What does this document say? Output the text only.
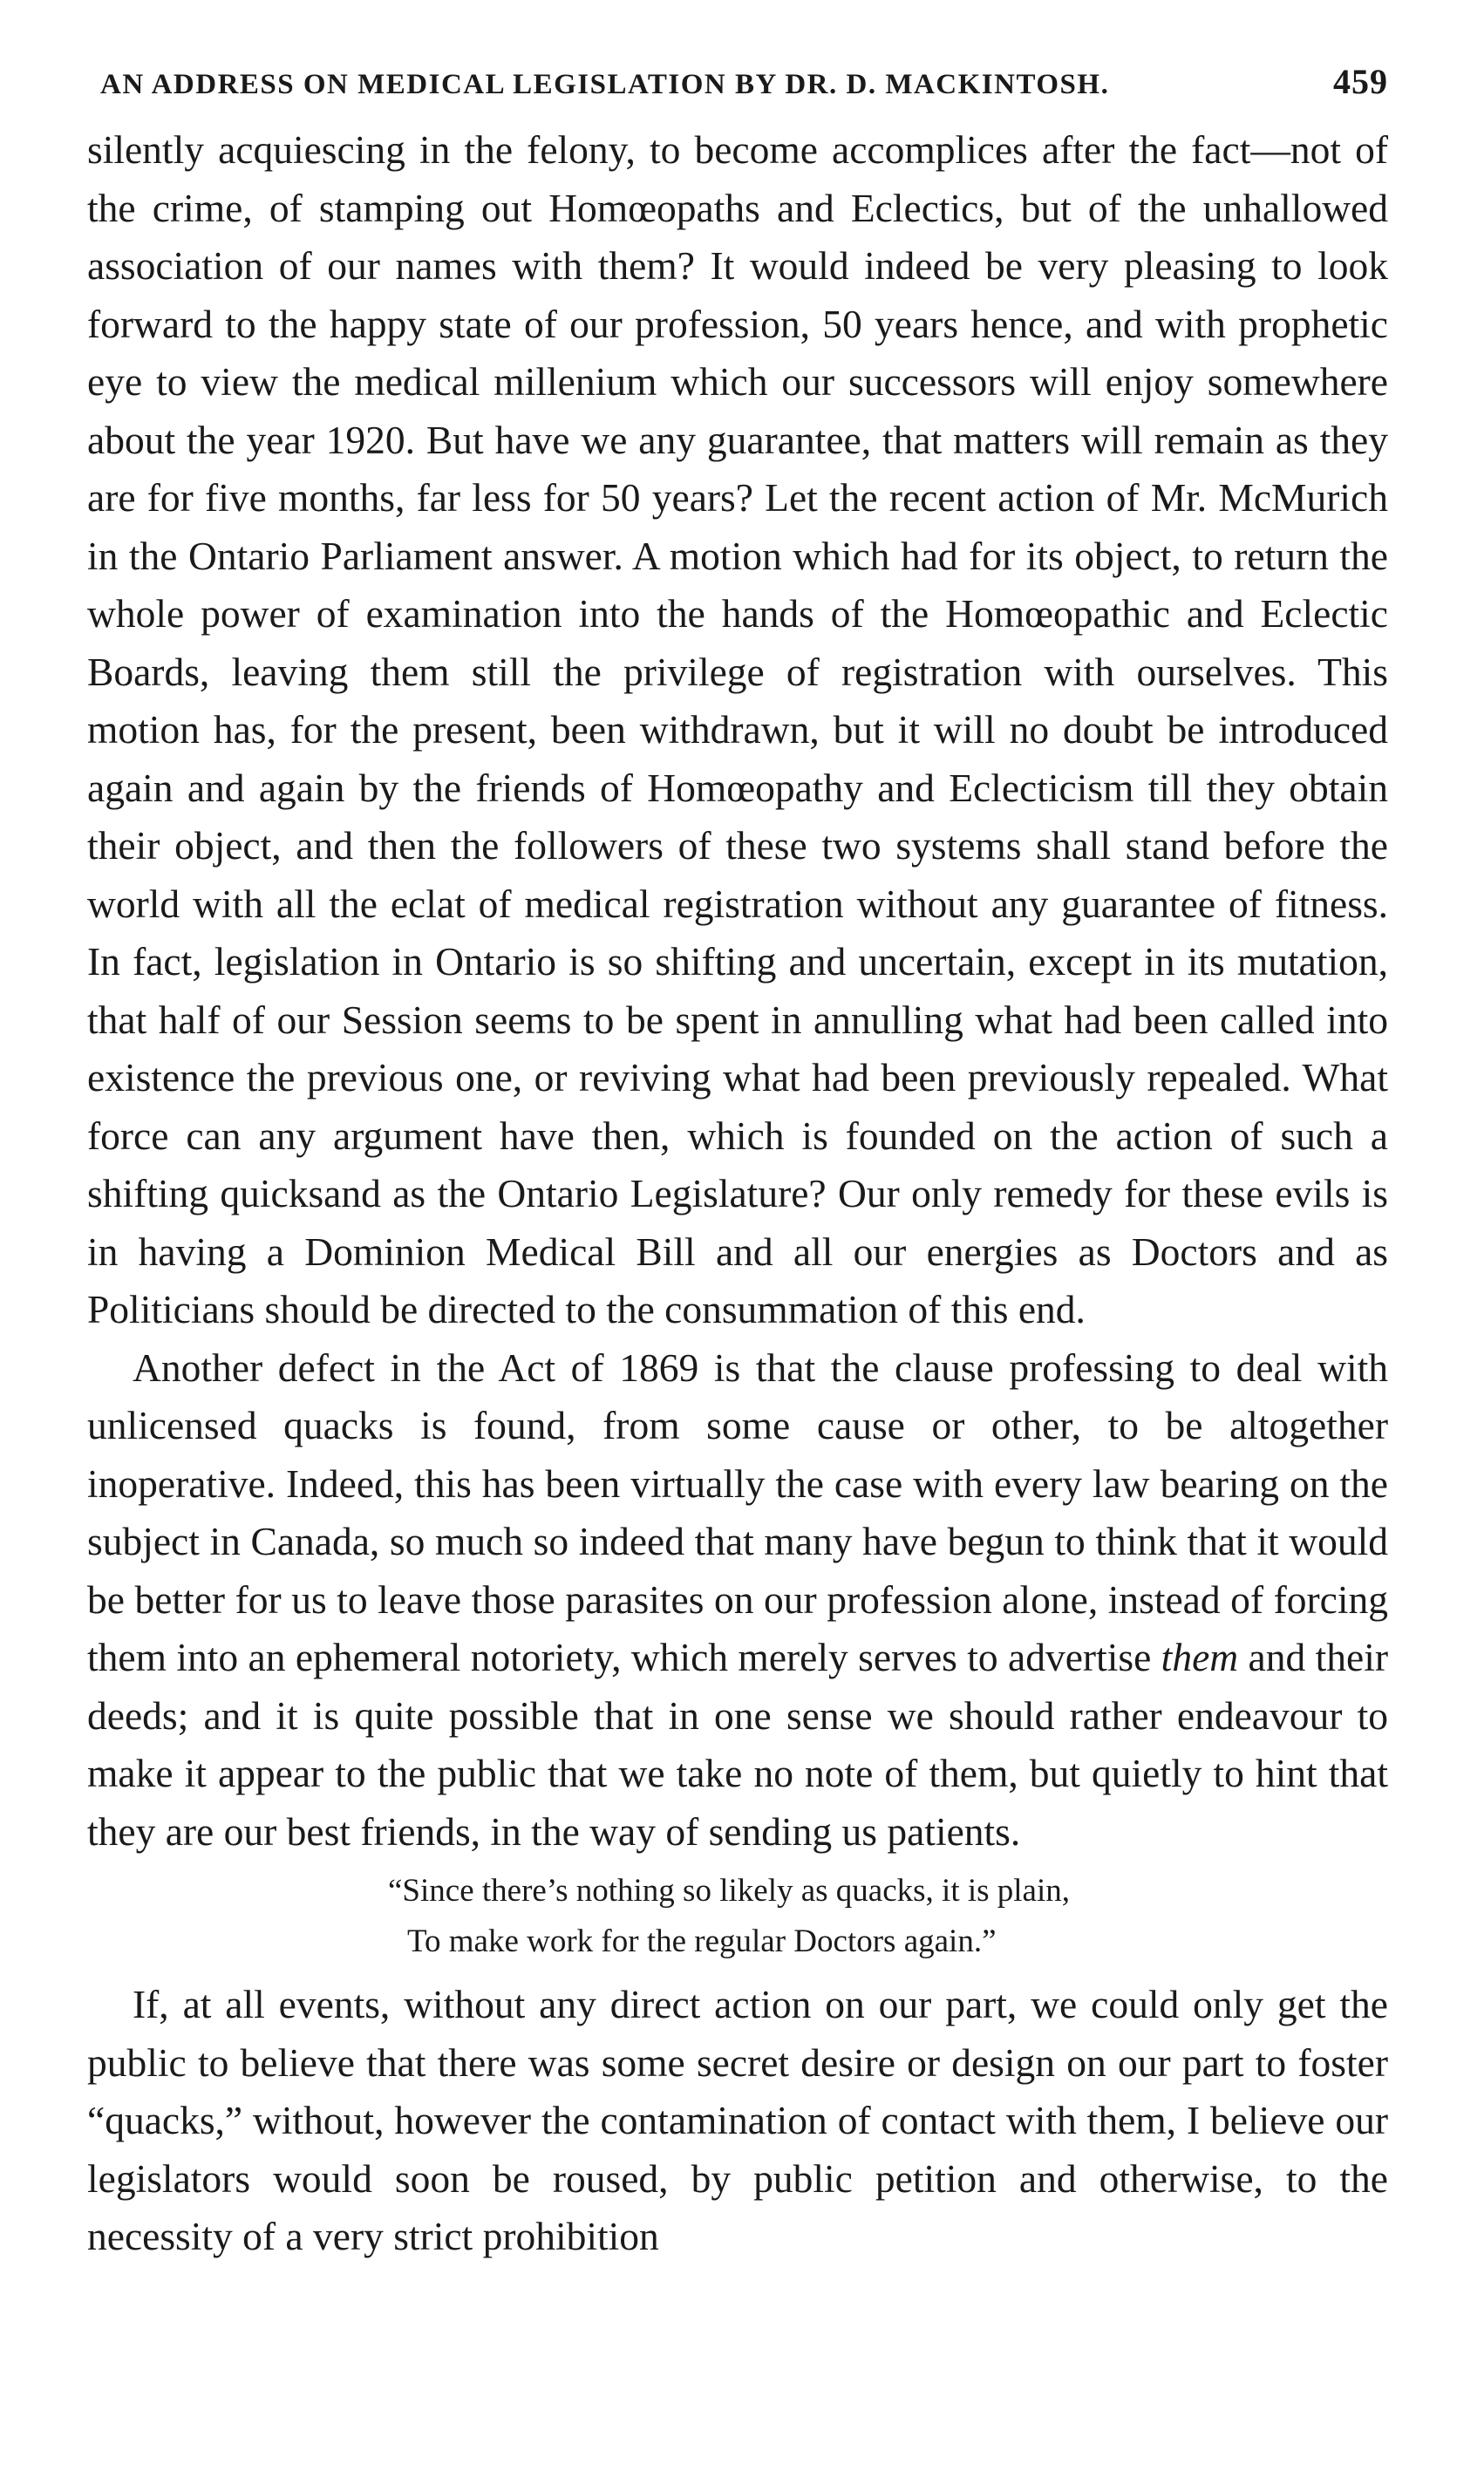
AN ADDRESS ON MEDICAL LEGISLATION BY DR. D. MACKINTOSH.	459

silently acquiescing in the felony, to become accomplices after the fact—not of the crime, of stamping out Homœopaths and Eclectics, but of the unhallowed association of our names with them? It would indeed be very pleasing to look forward to the happy state of our profession, 50 years hence, and with prophetic eye to view the medical millenium which our successors will enjoy somewhere about the year 1920. But have we any guarantee, that matters will remain as they are for five months, far less for 50 years? Let the recent action of Mr. McMurich in the Ontario Parliament answer. A motion which had for its object, to return the whole power of examination into the hands of the Homœopathic and Eclectic Boards, leaving them still the privilege of registration with ourselves. This motion has, for the present, been withdrawn, but it will no doubt be introduced again and again by the friends of Homœopathy and Eclecticism till they obtain their object, and then the followers of these two systems shall stand before the world with all the eclat of medical registration without any guarantee of fitness. In fact, legislation in Ontario is so shifting and uncertain, except in its mutation, that half of our Session seems to be spent in annulling what had been called into existence the previous one, or reviving what had been previously repealed. What force can any argument have then, which is founded on the action of such a shifting quicksand as the Ontario Legislature? Our only remedy for these evils is in having a Dominion Medical Bill and all our energies as Doctors and as Politicians should be directed to the consummation of this end.

Another defect in the Act of 1869 is that the clause professing to deal with unlicensed quacks is found, from some cause or other, to be altogether inoperative. Indeed, this has been virtually the case with every law bearing on the subject in Canada, so much so indeed that many have begun to think that it would be better for us to leave those parasites on our profession alone, instead of forcing them into an ephemeral notoriety, which merely serves to advertise them and their deeds; and it is quite possible that in one sense we should rather endeavour to make it appear to the public that we take no note of them, but quietly to hint that they are our best friends, in the way of sending us patients.

“Since there’s nothing so likely as quacks, it is plain,
To make work for the regular Doctors again.”

If, at all events, without any direct action on our part, we could only get the public to believe that there was some secret desire or design on our part to foster “quacks,” without, however the contamination of contact with them, I believe our legislators would soon be roused, by public petition and otherwise, to the necessity of a very strict prohibition
